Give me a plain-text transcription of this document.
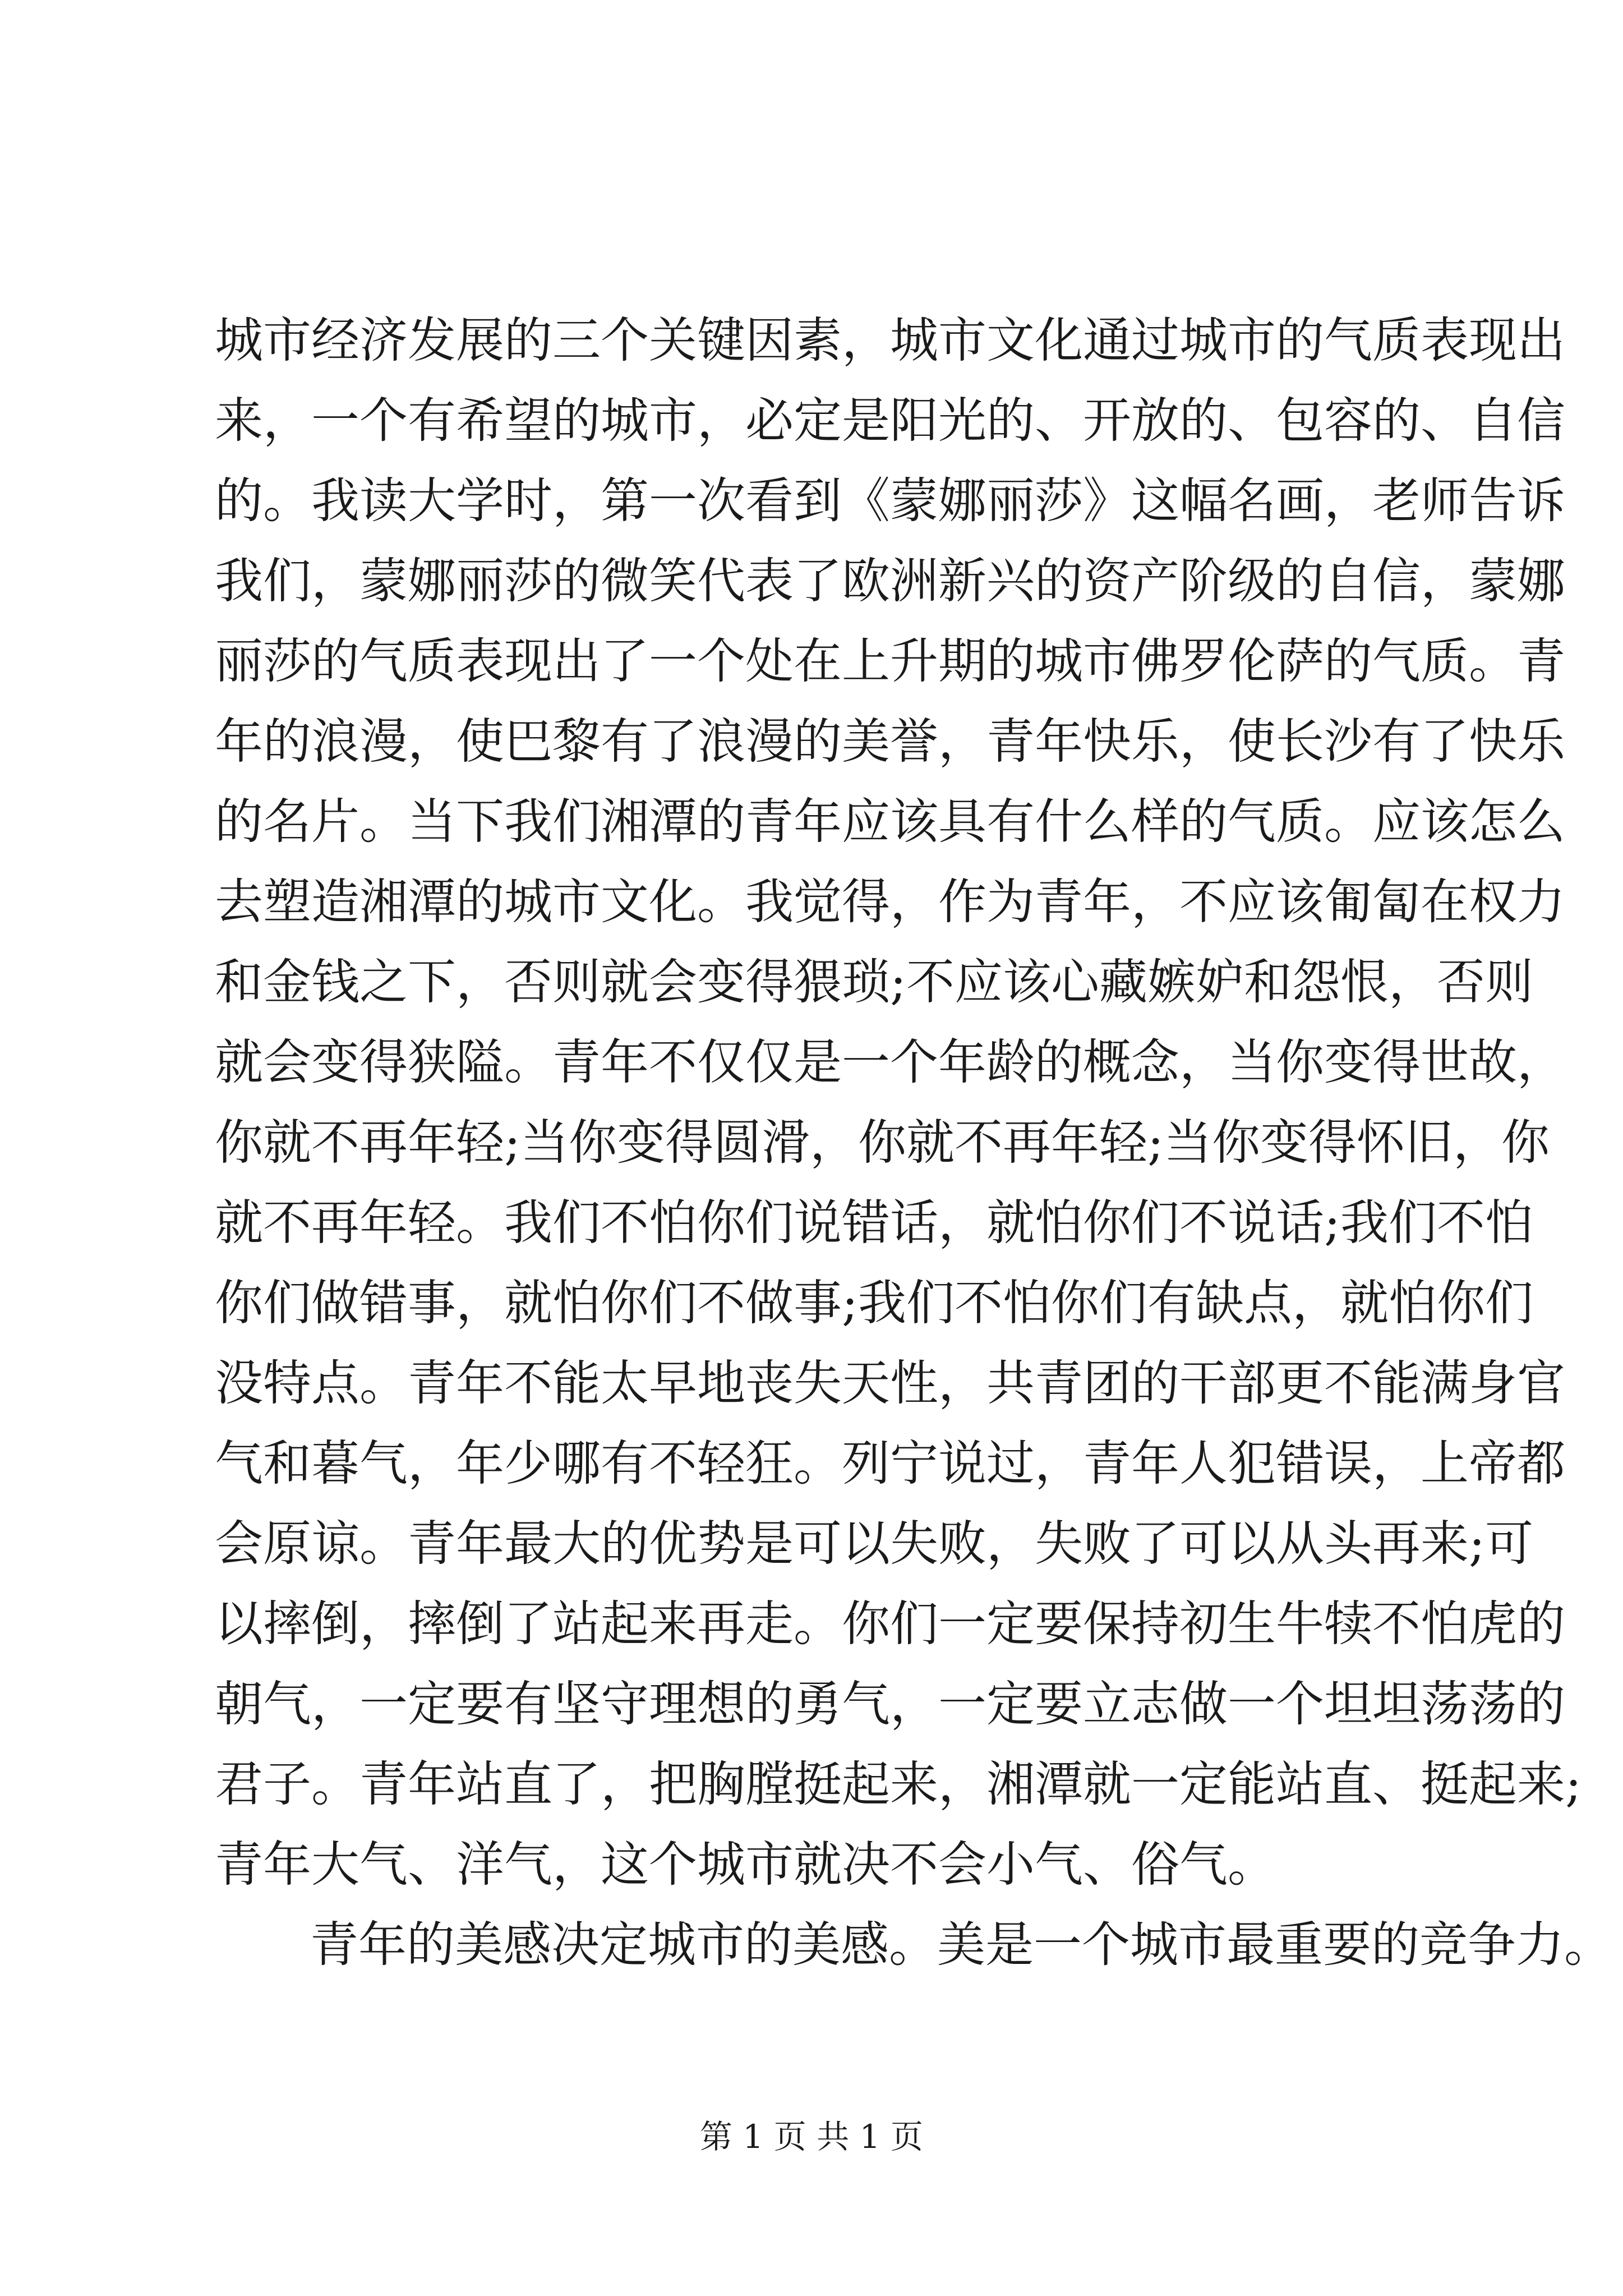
城市经济发展的三个关键因素，城市文化通过城市的气质表现出
来，一个有希望的城市，必定是阳光的、开放的、包容的、自信
的。我读大学时，第一次看到《蒙娜丽莎》这幅名画，老师告诉
我们，蒙娜丽莎的微笑代表了欧洲新兴的资产阶级的自信，蒙娜
丽莎的气质表现出了一个处在上升期的城市佛罗伦萨的气质。青
年的浪漫，使巴黎有了浪漫的美誉，青年快乐，使长沙有了快乐
的名片。当下我们湘潭的青年应该具有什么样的气质。应该怎么
去塑造湘潭的城市文化。我觉得，作为青年，不应该匍匐在权力
和金钱之下，否则就会变得猥琐;不应该心藏嫉妒和怨恨，否则
就会变得狭隘。青年不仅仅是一个年龄的概念，当你变得世故，
你就不再年轻;当你变得圆滑，你就不再年轻;当你变得怀旧，你
就不再年轻。我们不怕你们说错话，就怕你们不说话;我们不怕
你们做错事，就怕你们不做事;我们不怕你们有缺点，就怕你们
没特点。青年不能太早地丧失天性，共青团的干部更不能满身官
气和暮气，年少哪有不轻狂。列宁说过，青年人犯错误，上帝都
会原谅。青年最大的优势是可以失败，失败了可以从头再来;可
以摔倒，摔倒了站起来再走。你们一定要保持初生牛犊不怕虎的
朝气，一定要有坚守理想的勇气，一定要立志做一个坦坦荡荡的
君子。青年站直了，把胸膛挺起来，湘潭就一定能站直、挺起来;
青年大气、洋气，这个城市就决不会小气、俗气。
青年的美感决定城市的美感。美是一个城市最重要的竞争力。
第 1 页 共 1 页
